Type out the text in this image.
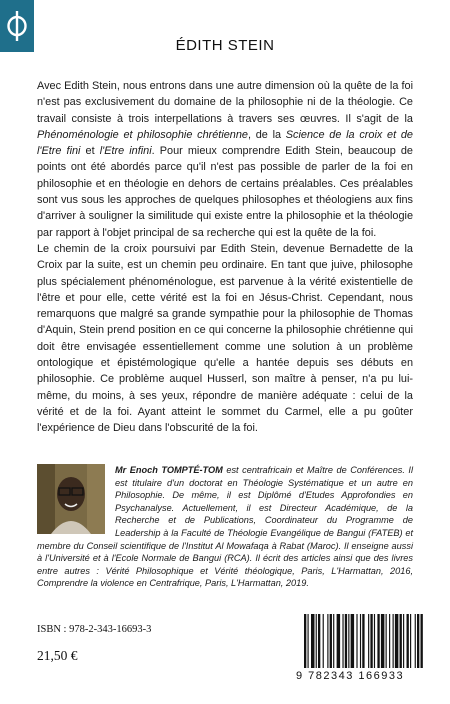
ÉDITH STEIN

Avec Edith Stein, nous entrons dans une autre dimension où la quête de la foi n'est pas exclusivement du domaine de la philosophie ni de la théologie. Ce travail consiste à trois interpellations à travers ses œuvres. Il s'agit de la Phénoménologie et philosophie chrétienne, de la Science de la croix et de l'Etre fini et l'Etre infini. Pour mieux comprendre Edith Stein, beaucoup de points ont été abordés parce qu'il n'est pas possible de parler de la foi en philosophie et en théologie en dehors de certains préalables. Ces préalables sont vus sous les approches de quelques philosophes et théologiens aux fins d'arriver à souligner la similitude qui existe entre la philosophie et la théologie par rapport à l'objet principal de sa recherche qui est la quête de la foi.

Le chemin de la croix poursuivi par Edith Stein, devenue Bernadette de la Croix par la suite, est un chemin peu ordinaire. En tant que juive, philosophe plus spécialement phénoménologue, est parvenue à la vérité existentielle de l'être et pour elle, cette vérité est la foi en Jésus-Christ. Cependant, nous remarquons que malgré sa grande sympathie pour la philosophie de Thomas d'Aquin, Stein prend position en ce qui concerne la philosophie chrétienne qui doit être envisagée essentiellement comme une solution à un problème ontologique et épistémologique qu'elle a hantée depuis ses débuts en philosophie. Ce problème auquel Husserl, son maître à penser, n'a pu lui-même, du moins, à ses yeux, répondre de manière adéquate : celui de la vérité et de la foi. Ayant atteint le sommet du Carmel, elle a pu goûter l'expérience de Dieu dans l'obscurité de la foi.

Mr Enoch TOMPTÉ-TOM est centrafricain et Maître de Conférences. Il est titulaire d'un doctorat en Théologie Systématique et un autre en Philosophie. De même, il est Diplômé d'Etudes Approfondies en Psychanalyse. Actuellement, il est Directeur Académique, de la Recherche et de Publications, Coordinateur du Programme de Leadership à la Faculté de Théologie Evangélique de Bangui (FATEB) et membre du Conseil scientifique de l'Institut Al Mowafaqa à Rabat (Maroc). Il enseigne aussi à l'Université et à l'Ecole Normale de Bangui (RCA). Il écrit des articles ainsi que des livres entre autres : Vérité Philosophique et Vérité théologique, Paris, L'Harmattan, 2016, Comprendre la violence en Centrafrique, Paris, L'Harmattan, 2019.
ISBN : 978-2-343-16693-3
21,50 €
9 782343 166933
